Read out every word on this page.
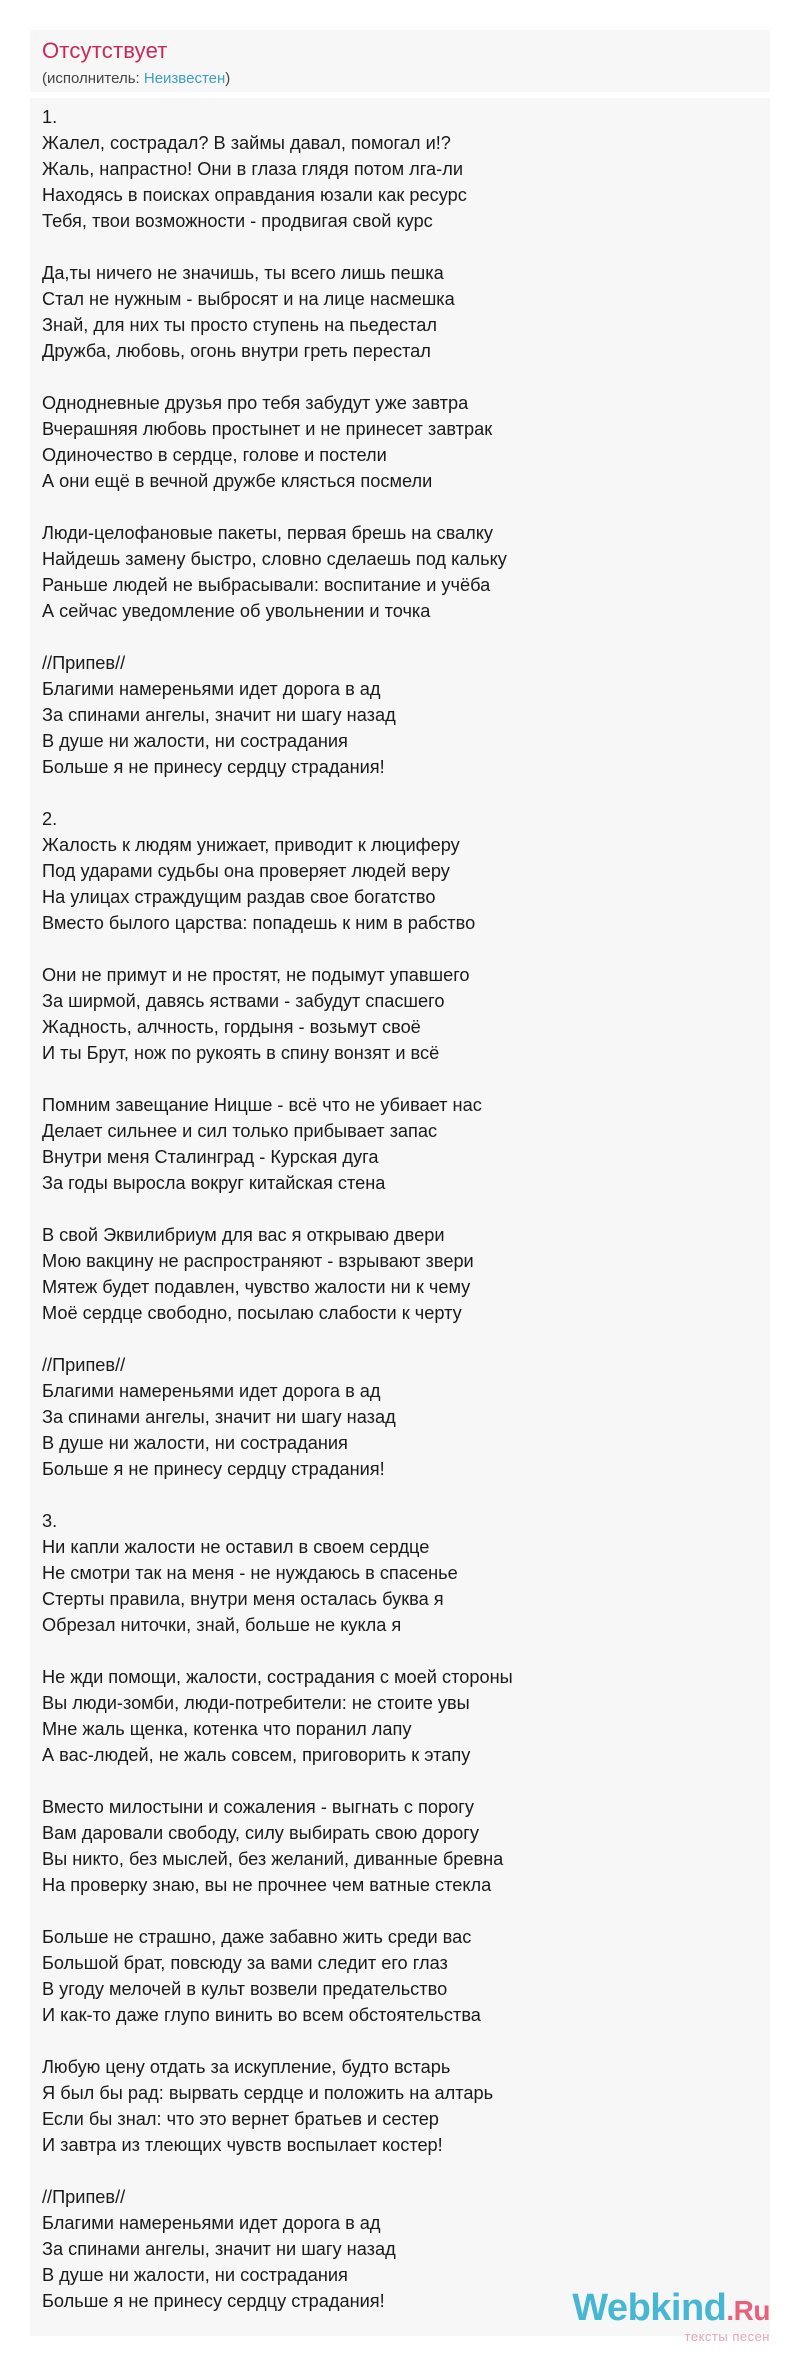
Отсутствует
(исполнитель: Неизвестен)
1.
Жалел, сострадал? В займы давал, помогал и!?
Жаль, напрастно! Они в глаза глядя потом лга-ли
Находясь в поисках оправдания юзали как ресурс
Тебя, твои возможности - продвигая свой курс

Да,ты ничего не значишь, ты всего лишь пешка
Стал не нужным - выбросят и на лице насмешка
Знай, для них ты просто ступень на пьедестал
Дружба, любовь, огонь внутри греть перестал

Однодневные друзья про тебя забудут уже завтра
Вчерашняя любовь простынет и не принесет завтрак
Одиночество в сердце, голове и постели
А они ещё в вечной дружбе клясться посмели

Люди-целофановые пакеты, первая брешь на свалку
Найдешь замену быстро, словно сделаешь под кальку
Раньше людей не выбрасывали: воспитание и учёба
А сейчас уведомление об увольнении и точка

//Припев//
Благими намереньями идет дорога в ад
За спинами ангелы, значит ни шагу назад
В душе ни жалости, ни сострадания
Больше я не принесу сердцу страдания!

2.
Жалость к людям унижает, приводит к люциферу
Под ударами судьбы она проверяет людей веру
На улицах страждущим раздав свое богатство
Вместо былого царства: попадешь к ним в рабство

Они не примут и не простят, не подымут упавшего
За ширмой, давясь яствами - забудут спасшего
Жадность, алчность, гордыня - возьмут своё
И ты Брут, нож по рукоять в спину вонзят и всё

Помним завещание Ницше - всё что не убивает нас
Делает сильнее и сил только прибывает запас
Внутри меня Сталинград - Курская дуга
За годы выросла вокруг китайская стена

В свой Эквилибриум для вас я открываю двери
Мою вакцину не распространяют - взрывают звери
Мятеж будет подавлен, чувство жалости ни к чему
Моё сердце свободно, посылаю слабости к черту

//Припев//
Благими намереньями идет дорога в ад
За спинами ангелы, значит ни шагу назад
В душе ни жалости, ни сострадания
Больше я не принесу сердцу страдания!

3.
Ни капли жалости не оставил в своем сердце
Не смотри так на меня - не нуждаюсь в спасенье
Стерты правила, внутри меня осталась буква я
Обрезал ниточки, знай, больше не кукла я

Не жди помощи, жалости, сострадания с моей стороны
Вы люди-зомби, люди-потребители: не стоите увы
Мне жаль щенка, котенка что поранил лапу
А вас-людей, не жаль совсем, приговорить к этапу

Вместо милостыни и сожаления - выгнать с порогу
Вам даровали свободу, силу выбирать свою дорогу
Вы никто, без мыслей, без желаний, диванные бревна
На проверку знаю, вы не прочнее чем ватные стекла

Больше не страшно, даже забавно жить среди вас
Большой брат, повсюду за вами следит его глаз
В угоду мелочей в культ возвели предательство
И как-то даже глупо винить во всем обстоятельства

Любую цену отдать за искупление, будто встарь
Я был бы рад: вырвать сердце и положить на алтарь
Если бы знал: что это вернет братьев и сестер
И завтра из тлеющих чувств воспылает костер!

//Припев//
Благими намереньями идет дорога в ад
За спинами ангелы, значит ни шагу назад
В душе ни жалости, ни сострадания
Больше я не принесу сердцу страдания!	Webkind.Ru
тексты песен
